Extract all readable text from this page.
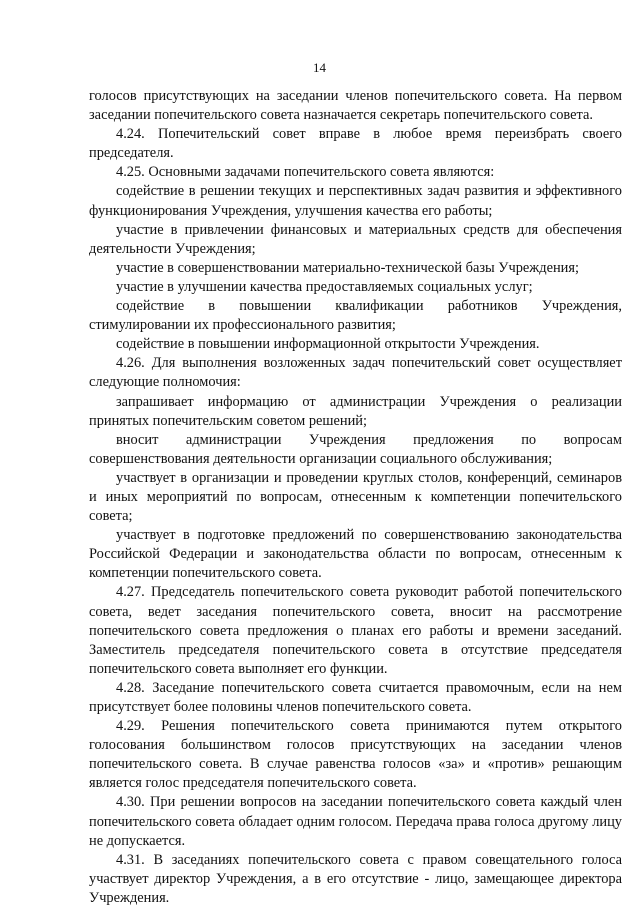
14

голосов присутствующих на заседании членов попечительского совета. На первом заседании попечительского совета назначается секретарь попечительского совета.

4.24. Попечительский совет вправе в любое время переизбрать своего председателя.

4.25. Основными задачами попечительского совета являются:

содействие в решении текущих и перспективных задач развития и эффективного функционирования Учреждения, улучшения качества его работы;

участие в привлечении финансовых и материальных средств для обеспечения деятельности Учреждения;

участие в совершенствовании материально-технической базы Учреждения;

участие в улучшении качества предоставляемых социальных услуг;

содействие в повышении квалификации работников Учреждения, стимулировании их профессионального развития;

содействие в повышении информационной открытости Учреждения.

4.26. Для выполнения возложенных задач попечительский совет осуществляет следующие полномочия:

запрашивает информацию от администрации Учреждения о реализации принятых попечительским советом решений;

вносит администрации Учреждения предложения по вопросам совершенствования деятельности организации социального обслуживания;

участвует в организации и проведении круглых столов, конференций, семинаров и иных мероприятий по вопросам, отнесенным к компетенции попечительского совета;

участвует в подготовке предложений по совершенствованию законодательства Российской Федерации и законодательства области по вопросам, отнесенным к компетенции попечительского совета.

4.27. Председатель попечительского совета руководит работой попечительского совета, ведет заседания попечительского совета, вносит на рассмотрение попечительского совета предложения о планах его работы и времени заседаний. Заместитель председателя попечительского совета в отсутствие председателя попечительского совета выполняет его функции.

4.28. Заседание попечительского совета считается правомочным, если на нем присутствует более половины членов попечительского совета.

4.29. Решения попечительского совета принимаются путем открытого голосования большинством голосов присутствующих на заседании членов попечительского совета. В случае равенства голосов «за» и «против» решающим является голос председателя попечительского совета.

4.30. При решении вопросов на заседании попечительского совета каждый член попечительского совета обладает одним голосом. Передача права голоса другому лицу не допускается.

4.31. В заседаниях попечительского совета с правом совещательного голоса участвует директор Учреждения, а в его отсутствие - лицо, замещающее директора Учреждения.
